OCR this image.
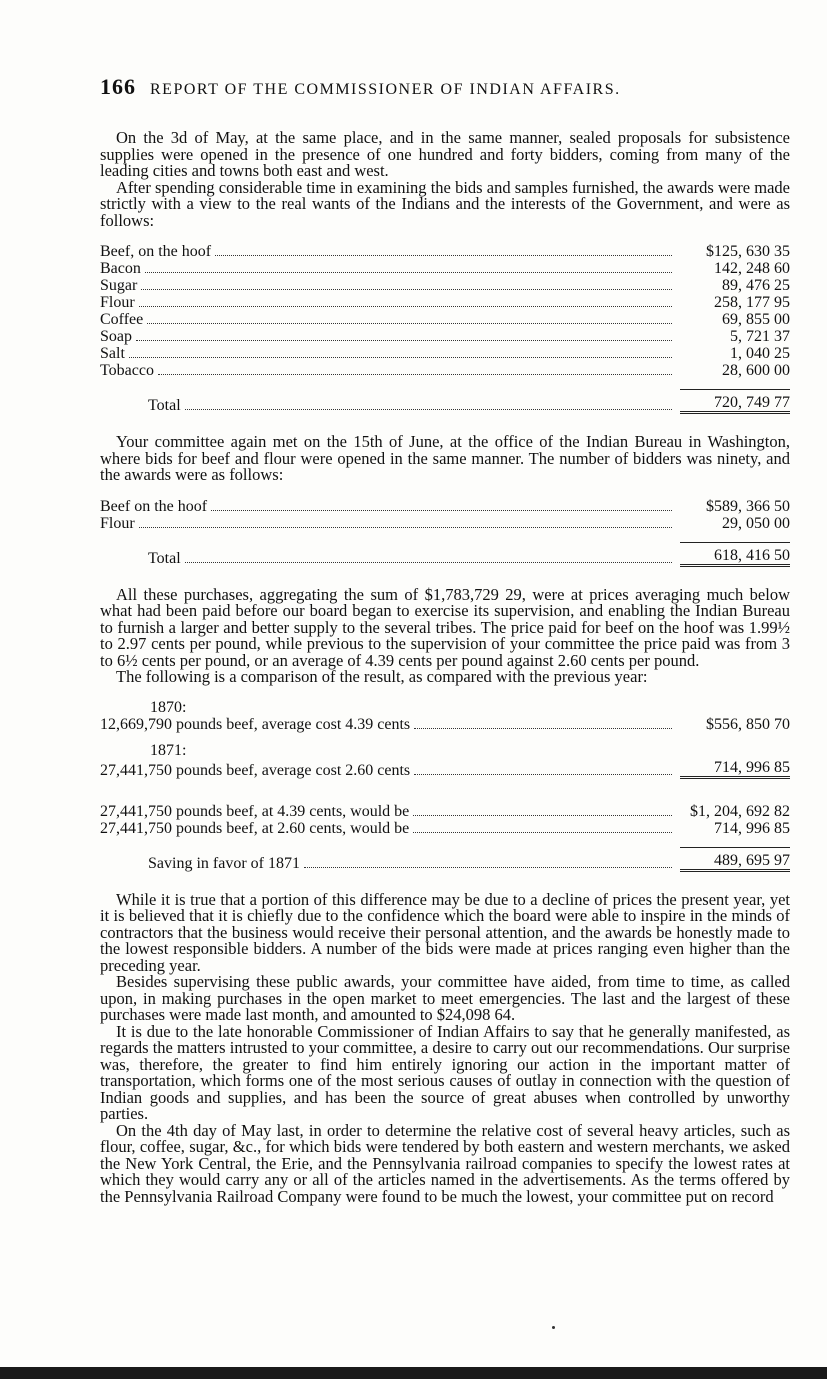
166 REPORT OF THE COMMISSIONER OF INDIAN AFFAIRS.

On the 3d of May, at the same place, and in the same manner, sealed proposals for subsistence supplies were opened in the presence of one hundred and forty bidders, coming from many of the leading cities and towns both east and west.

After spending considerable time in examining the bids and samples furnished, the awards were made strictly with a view to the real wants of the Indians and the interests of the Government, and were as follows:

Beef, on the hoof	$125, 630 35
Bacon	142, 248 60
Sugar	89, 476 25
Flour	258, 177 95
Coffee	69, 855 00
Soap	5, 721 37
Salt	1, 040 25
Tobacco	28, 600 00
Total	720, 749 77

Your committee again met on the 15th of June, at the office of the Indian Bureau in Washington, where bids for beef and flour were opened in the same manner. The number of bidders was ninety, and the awards were as follows:

Beef on the hoof	$589, 366 50
Flour	29, 050 00
Total	618, 416 50

All these purchases, aggregating the sum of $1,783,729 29, were at prices averaging much below what had been paid before our board began to exercise its supervision, and enabling the Indian Bureau to furnish a larger and better supply to the several tribes. The price paid for beef on the hoof was 1.99½ to 2.97 cents per pound, while previous to the supervision of your committee the price paid was from 3 to 6½ cents per pound, or an average of 4.39 cents per pound against 2.60 cents per pound.

The following is a comparison of the result, as compared with the previous year:

1870:
12,669,790 pounds beef, average cost 4.39 cents	$556, 850 70
1871:
27,441,750 pounds beef, average cost 2.60 cents	714, 996 85
27,441,750 pounds beef, at 4.39 cents, would be	$1, 204, 692 82
27,441,750 pounds beef, at 2.60 cents, would be	714, 996 85
Saving in favor of 1871	489, 695 97

While it is true that a portion of this difference may be due to a decline of prices the present year, yet it is believed that it is chiefly due to the confidence which the board were able to inspire in the minds of contractors that the business would receive their personal attention, and the awards be honestly made to the lowest responsible bidders. A number of the bids were made at prices ranging even higher than the preceding year.

Besides supervising these public awards, your committee have aided, from time to time, as called upon, in making purchases in the open market to meet emergencies. The last and the largest of these purchases were made last month, and amounted to $24,098 64.

It is due to the late honorable Commissioner of Indian Affairs to say that he generally manifested, as regards the matters intrusted to your committee, a desire to carry out our recommendations. Our surprise was, therefore, the greater to find him entirely ignoring our action in the important matter of transportation, which forms one of the most serious causes of outlay in connection with the question of Indian goods and supplies, and has been the source of great abuses when controlled by unworthy parties.

On the 4th day of May last, in order to determine the relative cost of several heavy articles, such as flour, coffee, sugar, &c., for which bids were tendered by both eastern and western merchants, we asked the New York Central, the Erie, and the Pennsylvania railroad companies to specify the lowest rates at which they would carry any or all of the articles named in the advertisements. As the terms offered by the Pennsylvania Railroad Company were found to be much the lowest, your committee put on record
